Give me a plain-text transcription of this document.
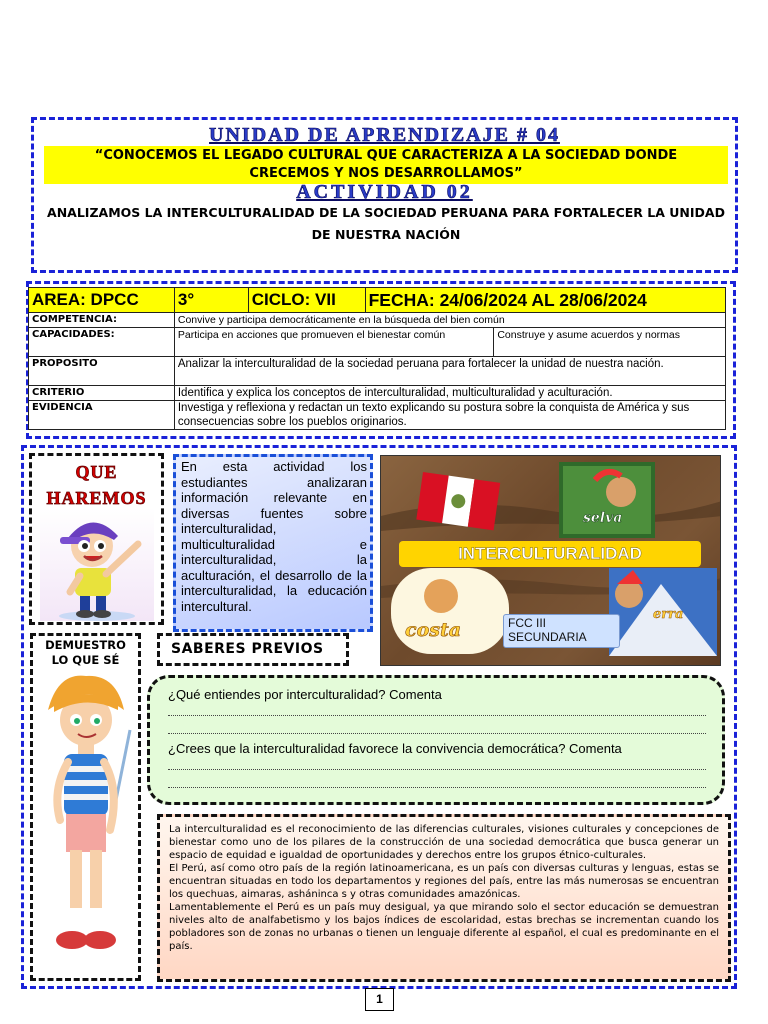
UNIDAD DE APRENDIZAJE # 04
“CONOCEMOS EL LEGADO CULTURAL QUE CARACTERIZA A LA SOCIEDAD DONDE CRECEMOS Y NOS DESARROLLAMOS”
ACTIVIDAD 02
ANALIZAMOS LA INTERCULTURALIDAD DE LA SOCIEDAD PERUANA PARA FORTALECER LA UNIDAD DE NUESTRA NACIÓN
AREA: DPCC	3°	CICLO: VII	FECHA: 24/06/2024 AL 28/06/2024	
COMPETENCIA:	Convive y participa democráticamente en la búsqueda del bien común			
CAPACIDADES:	Participa en acciones que promueven el bienestar común			Construye y asume acuerdos y normas
PROPOSITO	Analizar la interculturalidad de la sociedad peruana para fortalecer la unidad de nuestra nación.			
CRITERIO	Identifica y explica los conceptos de interculturalidad, multiculturalidad y aculturación.			
EVIDENCIA	Investiga y reflexiona y redactan un texto explicando su postura sobre la conquista de América y sus consecuencias sobre los pueblos originarios.			
QUE
HAREMOS
En esta actividad los estudiantes analizaran información relevante en diversas fuentes sobre interculturalidad, multiculturalidad e interculturalidad, la aculturación, el desarrollo de la interculturalidad, la educación intercultural.
INTERCULTURALIDAD
selva
costa
erra
FCC III
SECUNDARIA
DEMUESTRO
LO QUE SÉ
SABERES PREVIOS
¿Qué entiendes por interculturalidad? Comenta
¿Crees que la interculturalidad favorece la convivencia democrática? Comenta
La interculturalidad es el reconocimiento de las diferencias culturales, visiones culturales y concepciones de bienestar como uno de los pilares de la construcción de una sociedad democrática que busca generar un espacio de equidad e igualdad de oportunidades y derechos entre los grupos étnico-culturales.
El Perú, así como otro país de la región latinoamericana, es un país con diversas culturas y lenguas, estas se encuentran situadas en todo los departamentos y regiones del país, entre las más numerosas se encuentran los quechuas, aimaras, asháninca s y otras comunidades amazónicas.
Lamentablemente el Perú es un país muy desigual, ya que mirando solo el sector educación se demuestran niveles alto de analfabetismo y los bajos índices de escolaridad, estas brechas se incrementan cuando los pobladores son de zonas no urbanas o tienen un lenguaje diferente al español, el cual es predominante en el país.
1
